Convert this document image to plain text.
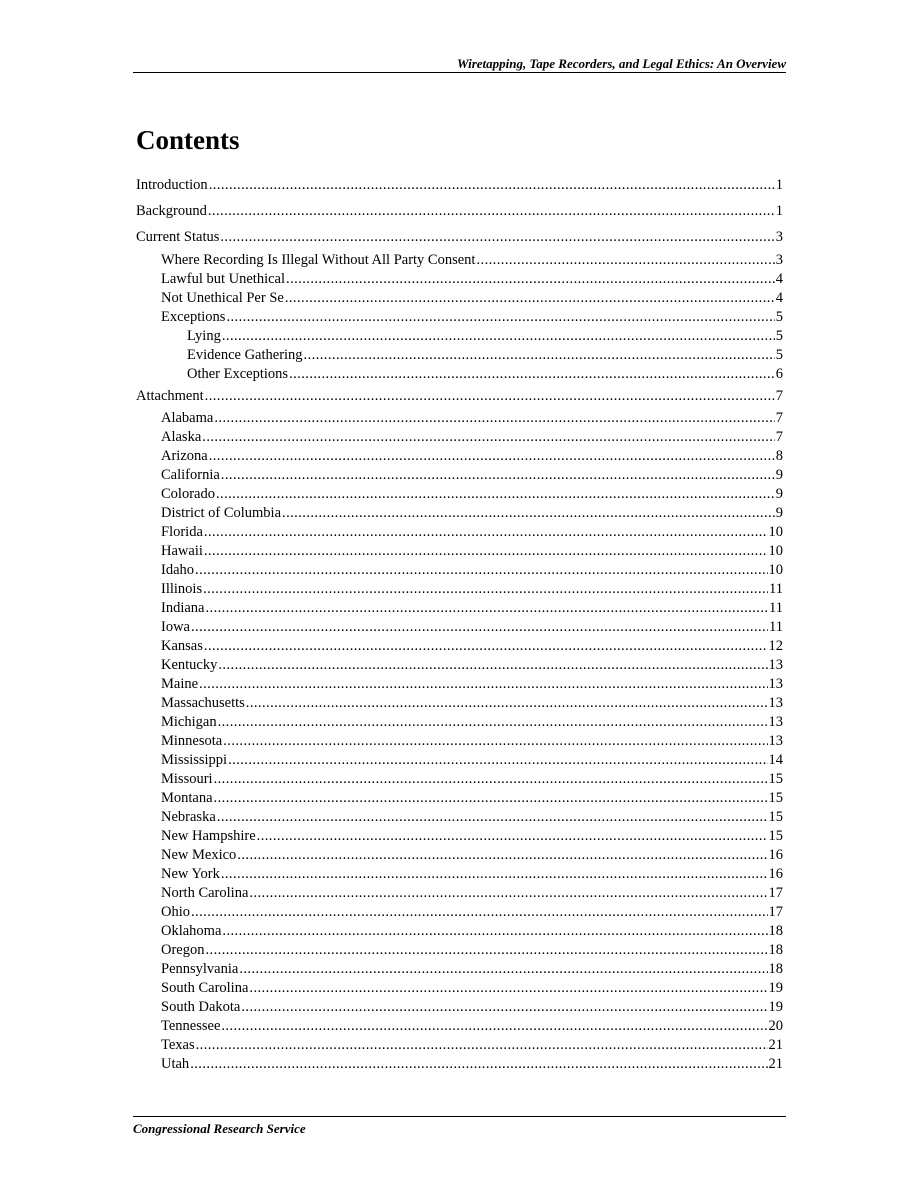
Wiretapping, Tape Recorders, and Legal Ethics: An Overview
Contents
Introduction . . .	1
Background . . .	1
Current Status . . .	3
Where Recording Is Illegal Without All Party Consent . . .	3
Lawful but Unethical . . .	4
Not Unethical Per Se . . .	4
Exceptions . . .	5
Lying . . .	5
Evidence Gathering . . .	5
Other Exceptions . . .	6
Attachment . . .	7
Alabama . . .	7
Alaska . . .	7
Arizona . . .	8
California . . .	9
Colorado . . .	9
District of Columbia . . .	9
Florida . . .	10
Hawaii . . .	10
Idaho . . .	10
Illinois . . .	11
Indiana . . .	11
Iowa . . .	11
Kansas . . .	12
Kentucky . . .	13
Maine . . .	13
Massachusetts . . .	13
Michigan . . .	13
Minnesota . . .	13
Mississippi . . .	14
Missouri . . .	15
Montana . . .	15
Nebraska . . .	15
New Hampshire . . .	15
New Mexico . . .	16
New York . . .	16
North Carolina . . .	17
Ohio . . .	17
Oklahoma . . .	18
Oregon . . .	18
Pennsylvania . . .	18
South Carolina . . .	19
South Dakota . . .	19
Tennessee . . .	20
Texas . . .	21
Utah . . .	21
Congressional Research Service
